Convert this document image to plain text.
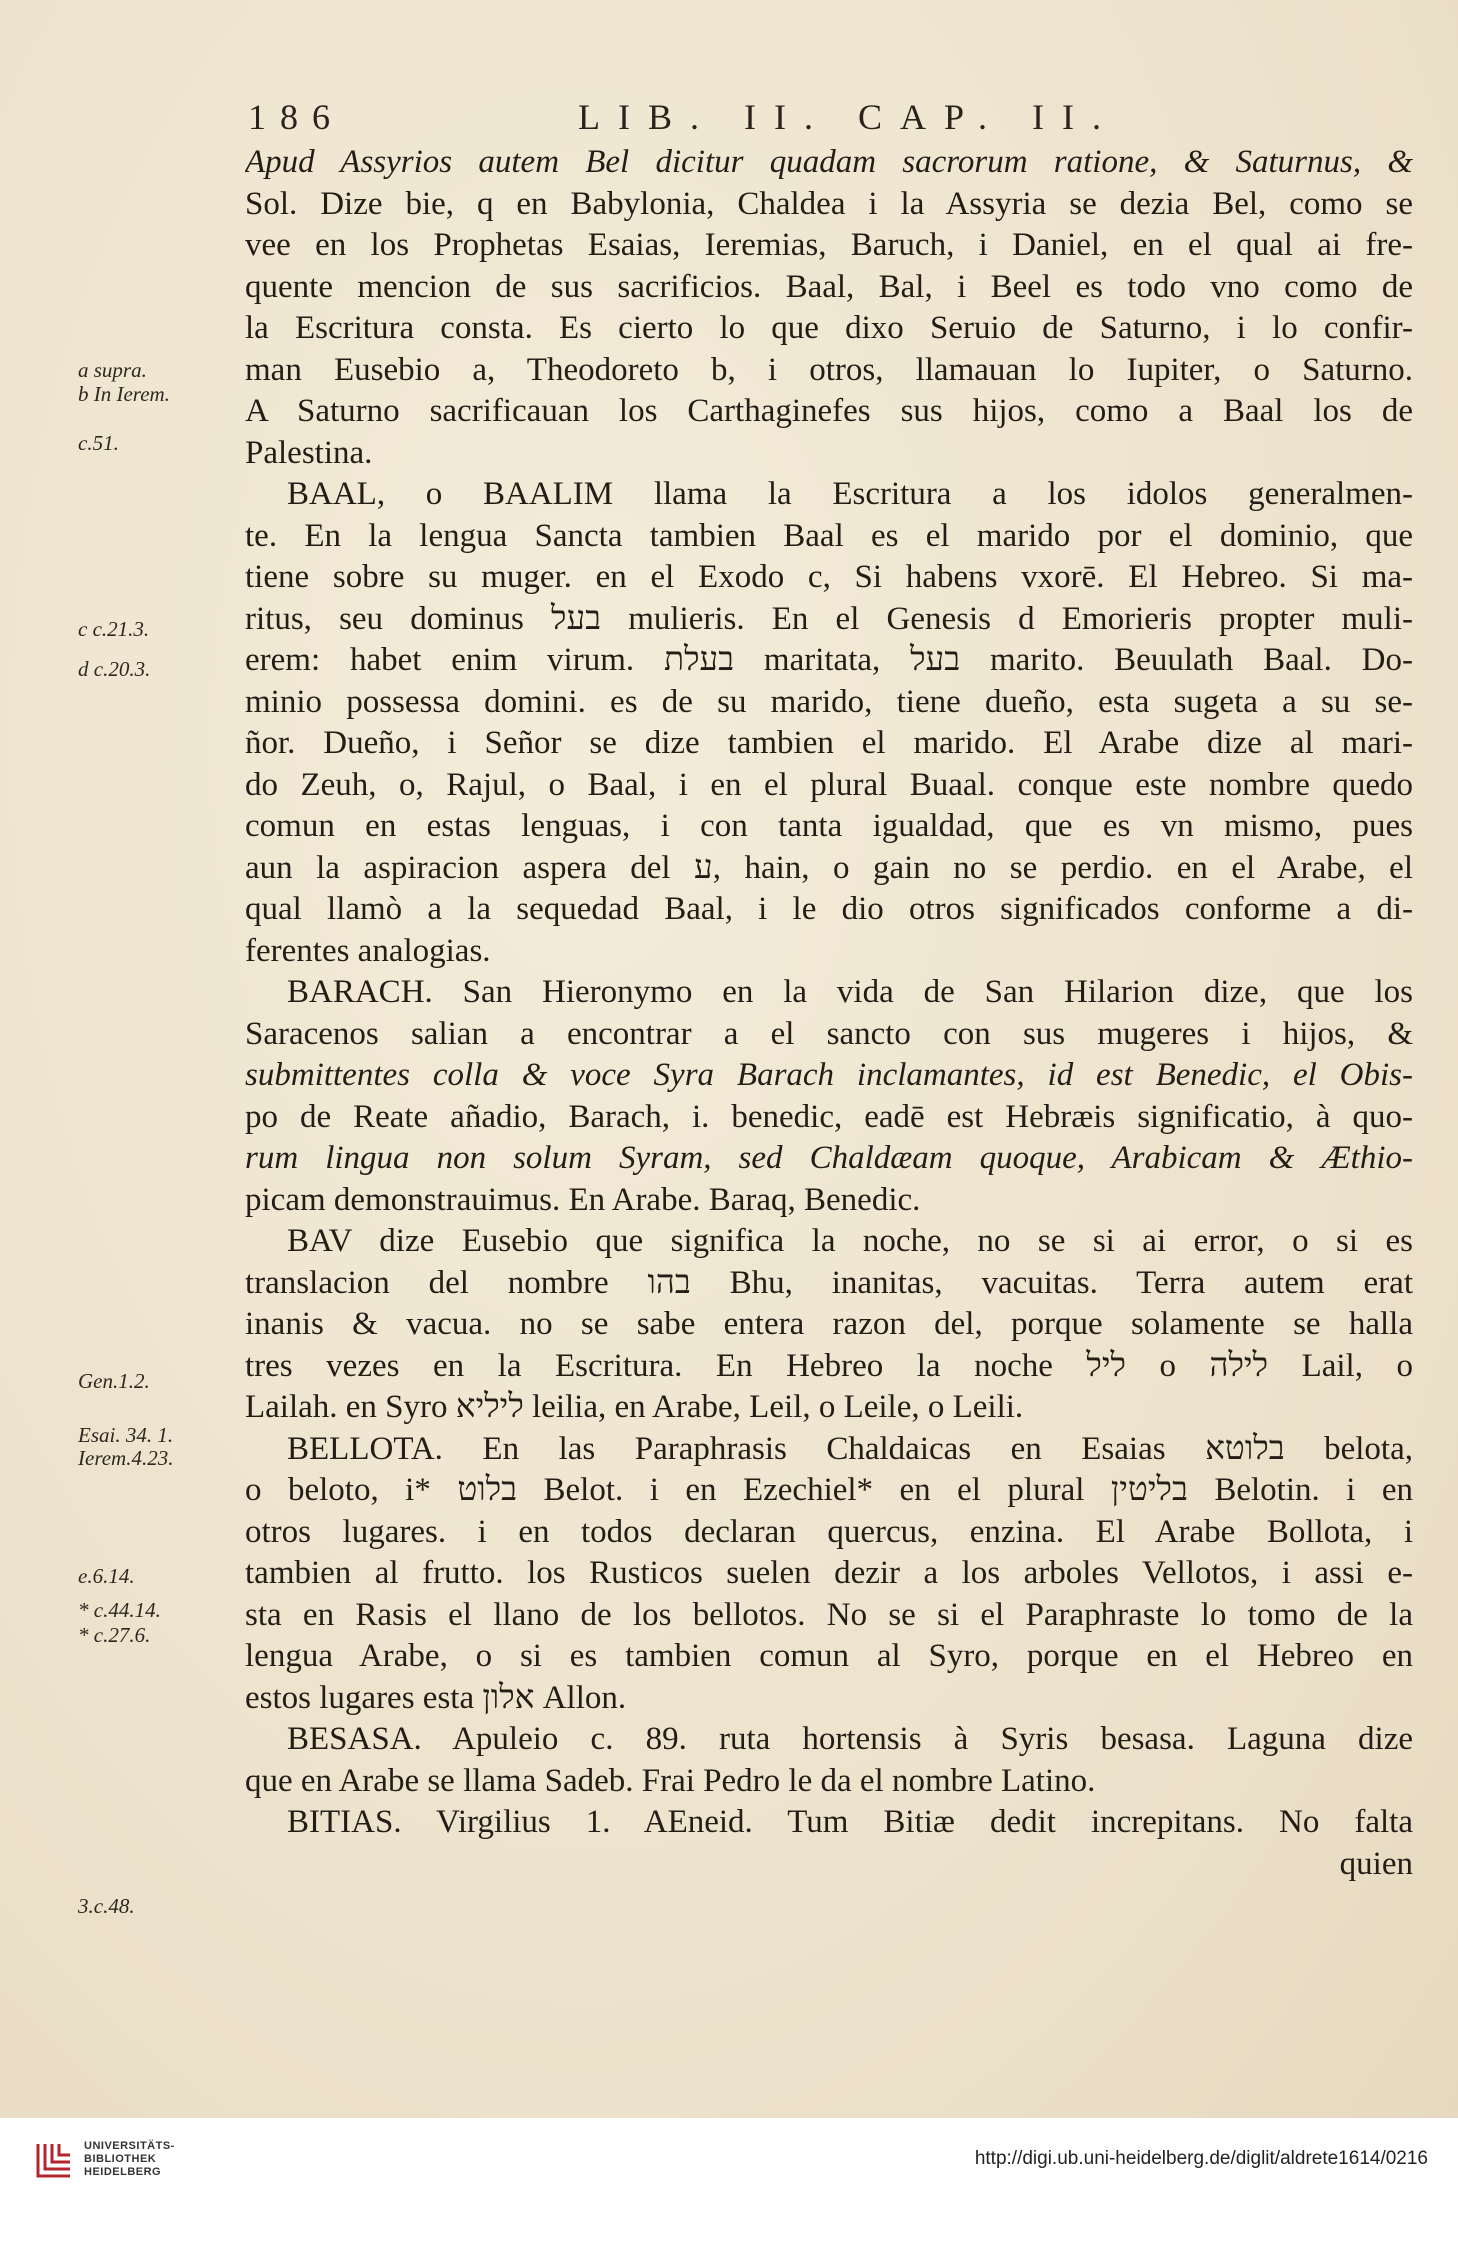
186	LIB. II. CAP. II.
a supra.
b In Ierem.
c.51.
c c.21.3.
d c.20.3.
Gen.1.2.
Esai. 34. 1.
Ierem.4.23.
e.6.14.
* c.44.14.
* c.27.6.
3.c.48.
Apud Assyrios autem Bel dicitur quadam sacrorum ratione, & Saturnus, &
Sol. Dize bie, q en Babylonia, Chaldea i la Assyria se dezia Bel, como se
vee en los Prophetas Esaias, Ieremias, Baruch, i Daniel, en el qual ai fre-
quente mencion de sus sacrificios. Baal, Bal, i Beel es todo vno como de
la Escritura consta. Es cierto lo que dixo Seruio de Saturno, i lo confir-
man Eusebio a, Theodoreto b, i otros, llamauan lo Iupiter, o Saturno.
A Saturno sacrificauan los Carthaginefes sus hijos, como a Baal los de
Palestina.
BAAL, o BAALIM llama la Escritura a los idolos generalmen-
te. En la lengua Sancta tambien Baal es el marido por el dominio, que
tiene sobre su muger. en el Exodo c, Si habens vxorē. El Hebreo. Si ma-
ritus, seu dominus בעל mulieris. En el Genesis d Emorieris propter muli-
erem: habet enim virum. בעלת maritata, בעל marito. Beuulath Baal. Do-
minio possessa domini. es de su marido, tiene dueño, esta sugeta a su se-
ñor. Dueño, i Señor se dize tambien el marido. El Arabe dize al mari-
do Zeuh, o, Rajul, o Baal, i en el plural Buaal. conque este nombre quedo
comun en estas lenguas, i con tanta igualdad, que es vn mismo, pues
aun la aspiracion aspera del ע, hain, o gain no se perdio. en el Arabe, el
qual llamò a la sequedad Baal, i le dio otros significados conforme a di-
ferentes analogias.
BARACH. San Hieronymo en la vida de San Hilarion dize, que los
Saracenos salian a encontrar a el sancto con sus mugeres i hijos, &
submittentes colla & voce Syra Barach inclamantes, id est Benedic, el Obis-
po de Reate añadio, Barach, i. benedic, eadē est Hebræis significatio, à quo-
rum lingua non solum Syram, sed Chaldæam quoque, Arabicam & Æthio-
picam demonstrauimus. En Arabe. Baraq, Benedic.
BAV dize Eusebio que significa la noche, no se si ai error, o si es
translacion del nombre בהו Bhu, inanitas, vacuitas. Terra autem erat
inanis & vacua. no se sabe entera razon del, porque solamente se halla
tres vezes en la Escritura. En Hebreo la noche ליל o לילה Lail, o
Lailah. en Syro ליליא leilia, en Arabe, Leil, o Leile, o Leili.
BELLOTA. En las Paraphrasis Chaldaicas en Esaias בלוטא belota,
o beloto, i* בלוט Belot. i en Ezechiel* en el plural בליטין Belotin. i en
otros lugares. i en todos declaran quercus, enzina. El Arabe Bollota, i
tambien al frutto. los Rusticos suelen dezir a los arboles Vellotos, i assi e-
sta en Rasis el llano de los bellotos. No se si el Paraphraste lo tomo de la
lengua Arabe, o si es tambien comun al Syro, porque en el Hebreo en
estos lugares esta אלון Allon.
BESASA. Apuleio c. 89. ruta hortensis à Syris besasa. Laguna dize
que en Arabe se llama Sadeb. Frai Pedro le da el nombre Latino.
BITIAS. Virgilius 1. AEneid. Tum Bitiæ dedit increpitans. No falta
quien
UNIVERSITÄTS-
BIBLIOTHEK
HEIDELBERG
http://digi.ub.uni-heidelberg.de/diglit/aldrete1614/0216
